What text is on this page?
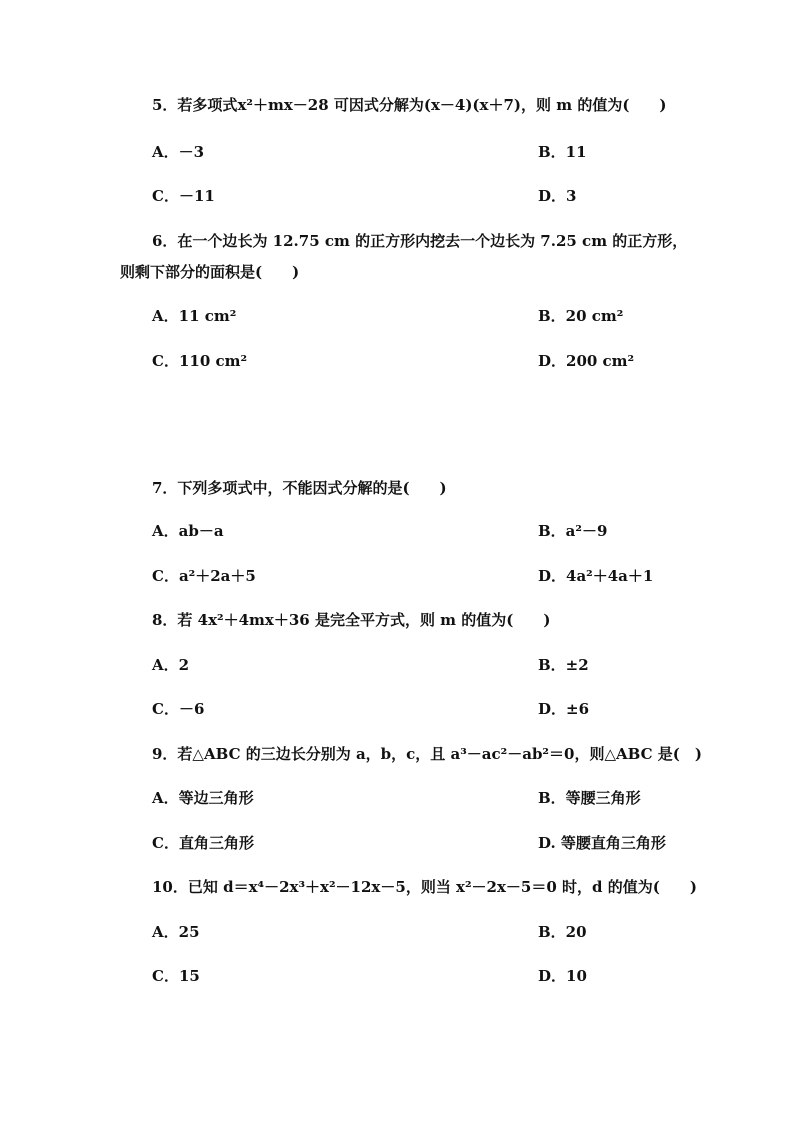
5．若多项式x²＋mx－28 可因式分解为(x－4)(x＋7)，则 m 的值为(　　)
A．－3	B．11
C．－11	D．3
6．在一个边长为 12.75 cm 的正方形内挖去一个边长为 7.25 cm 的正方形，
则剩下部分的面积是(　　)
A．11 cm²	B．20 cm²
C．110 cm²	D．200 cm²
7．下列多项式中，不能因式分解的是(　　)
A．ab－a	B．a²－9
C．a²＋2a＋5	D．4a²＋4a＋1
8．若 4x²＋4mx＋36 是完全平方式，则 m 的值为(　　)
A．2	B．±2
C．－6	D．±6
9．若△ABC 的三边长分别为 a，b，c，且 a³－ac²－ab²＝0，则△ABC 是(　)
A．等边三角形	B．等腰三角形
C．直角三角形	D. 等腰直角三角形
10．已知 d＝x⁴－2x³＋x²－12x－5，则当 x²－2x－5＝0 时，d 的值为(　　)
A．25	B．20
C．15	D．10
